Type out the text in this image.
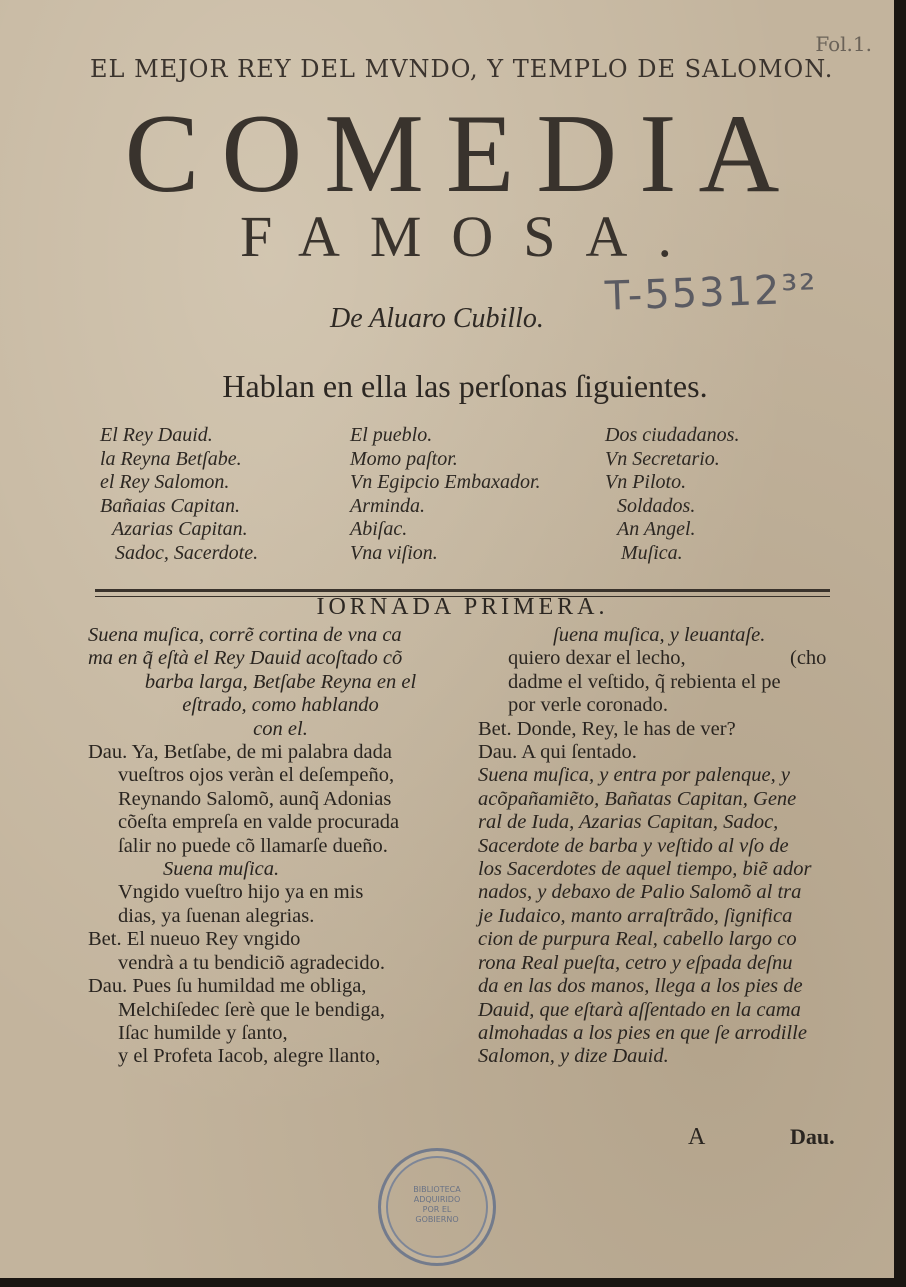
Fol.1.
EL MEJOR REY DEL MVNDO, Y TEMPLO DE SALOMON.
COMEDIA
FAMOSA.
De Aluaro Cubillo. T-55312³²
Hablan en ella las perſonas ſiguientes.
El Rey Dauid.
la Reyna Betſabe.
el Rey Salomon.
Bañaias Capitan.
Azarias Capitan.
Sadoc, Sacerdote.
El pueblo.
Momo paſtor.
Vn Egipcio Embaxador.
Arminda.
Abiſac.
Vna viſion.
Dos ciudadanos.
Vn Secretario.
Vn Piloto.
Soldados.
An Angel.
Muſica.
IORNADA PRIMERA.
Suena muſica, corrẽ cortina de vna ca
ma en q̃ eſtà el Rey Dauid acoſtado cõ
barba larga, Betſabe Reyna en el
eſtrado, como hablando
con el.
Dau. Ya, Betſabe, de mi palabra dada
vueſtros ojos veràn el deſempeño,
Reynando Salomõ, aunq̃ Adonias
cõeſta empreſa en valde procurada
ſalir no puede cõ llamarſe dueño.
Suena muſica.
Vngido vueſtro hijo ya en mis
dias, ya ſuenan alegrias.
Bet. El nueuo Rey vngido
vendrà a tu bendiciõ agradecido.
Dau. Pues ſu humildad me obliga,
Melchiſedec ſerè que le bendiga,
Iſac humilde y ſanto,
y el Profeta Iacob, alegre llanto,
ſuena muſica, y leuantaſe.
quiero dexar el lecho,	(cho
dadme el veſtido, q̃ rebienta el pe
por verle coronado.
Bet. Donde, Rey, le has de ver?
Dau. A qui ſentado.
Suena muſica, y entra por palenque, y
acõpañamiẽto, Bañatas Capitan, Gene
ral de Iuda, Azarias Capitan, Sadoc,
Sacerdote de barba y veſtido al vſo de
los Sacerdotes de aquel tiempo, biẽ ador
nados, y debaxo de Palio Salomõ al tra
je Iudaico, manto arraſtrãdo, ſignifica
cion de purpura Real, cabello largo co
rona Real pueſta, cetro y eſpada deſnu
da en las dos manos, llega a los pies de
Dauid, que eſtarà aſſentado en la cama
almohadas a los pies en que ſe arrodille
Salomon, y dize Dauid.
A	Dau.
BIBLIOTECA
ADQUIRIDO
POR EL
GOBIERNO
